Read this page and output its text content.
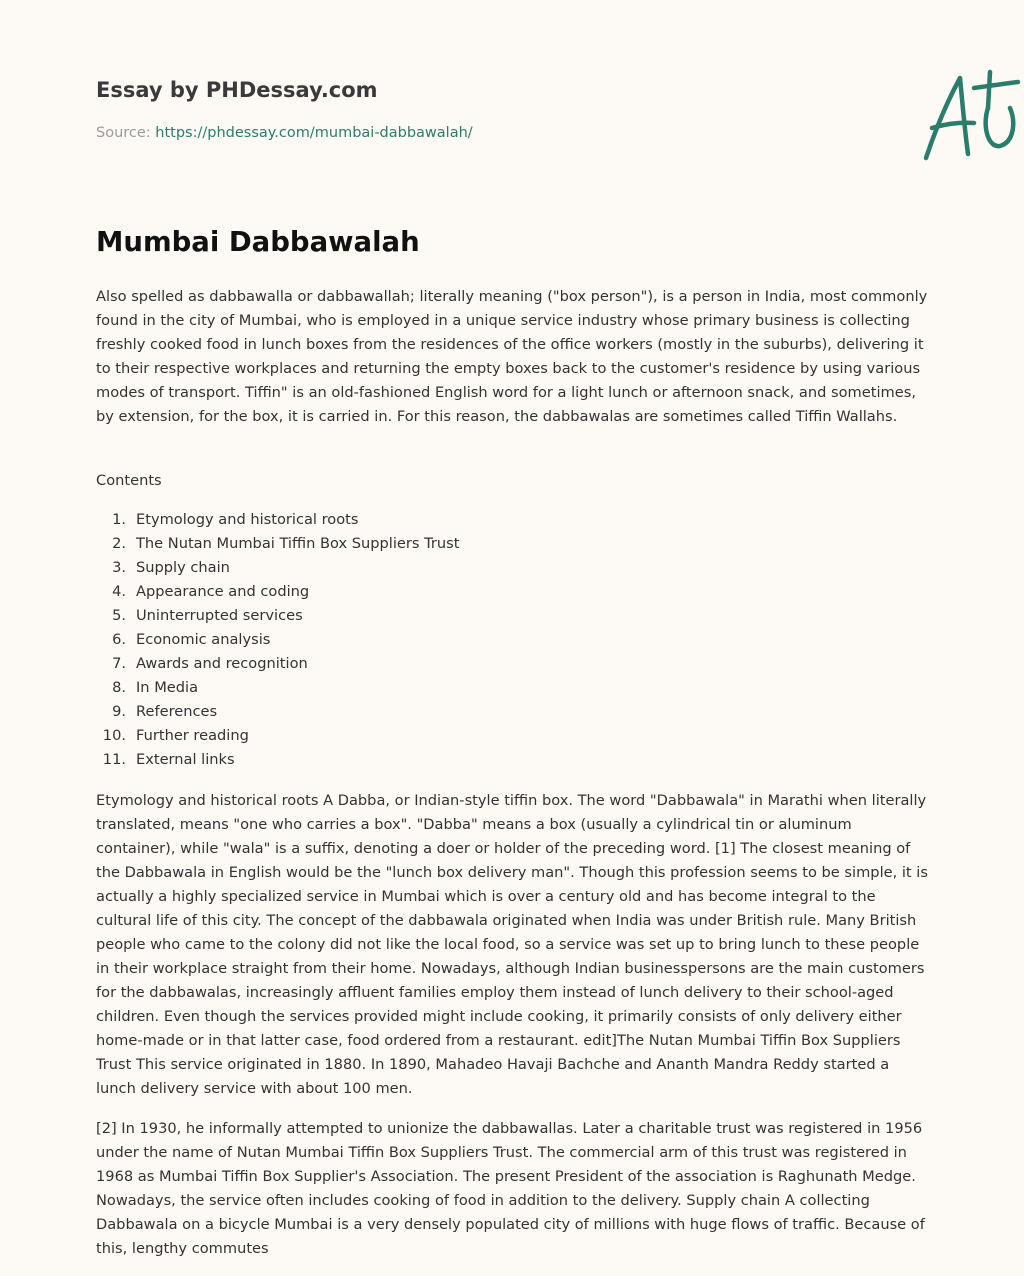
Essay by PHDessay.com
Source: https://phdessay.com/mumbai-dabbawalah/
Mumbai Dabbawalah

Also spelled as dabbawalla or dabbawallah; literally meaning ("box person"), is a person in India, most commonly found in the city of Mumbai, who is employed in a unique service industry whose primary business is collecting freshly cooked food in lunch boxes from the residences of the office workers (mostly in the suburbs), delivering it to their respective workplaces and returning the empty boxes back to the customer's residence by using various modes of transport. Tiffin" is an old-fashioned English word for a light lunch or afternoon snack, and sometimes, by extension, for the box, it is carried in. For this reason, the dabbawalas are sometimes called Tiffin Wallahs.

Contents
1. Etymology and historical roots
2. The Nutan Mumbai Tiffin Box Suppliers Trust
3. Supply chain
4. Appearance and coding
5. Uninterrupted services
6. Economic analysis
7. Awards and recognition
8. In Media
9. References
10. Further reading
11. External links

Etymology and historical roots A Dabba, or Indian-style tiffin box. The word "Dabbawala" in Marathi when literally translated, means "one who carries a box". "Dabba" means a box (usually a cylindrical tin or aluminum container), while "wala" is a suffix, denoting a doer or holder of the preceding word. [1] The closest meaning of the Dabbawala in English would be the "lunch box delivery man". Though this profession seems to be simple, it is actually a highly specialized service in Mumbai which is over a century old and has become integral to the cultural life of this city. The concept of the dabbawala originated when India was under British rule. Many British people who came to the colony did not like the local food, so a service was set up to bring lunch to these people in their workplace straight from their home. Nowadays, although Indian businesspersons are the main customers for the dabbawalas, increasingly affluent families employ them instead of lunch delivery to their school-aged children. Even though the services provided might include cooking, it primarily consists of only delivery either home-made or in that latter case, food ordered from a restaurant. edit]The Nutan Mumbai Tiffin Box Suppliers Trust This service originated in 1880. In 1890, Mahadeo Havaji Bachche and Ananth Mandra Reddy started a lunch delivery service with about 100 men.

[2] In 1930, he informally attempted to unionize the dabbawallas. Later a charitable trust was registered in 1956 under the name of Nutan Mumbai Tiffin Box Suppliers Trust. The commercial arm of this trust was registered in 1968 as Mumbai Tiffin Box Supplier's Association. The present President of the association is Raghunath Medge. Nowadays, the service often includes cooking of food in addition to the delivery. Supply chain A collecting Dabbawala on a bicycle Mumbai is a very densely populated city of millions with huge flows of traffic. Because of this, lengthy commutes
